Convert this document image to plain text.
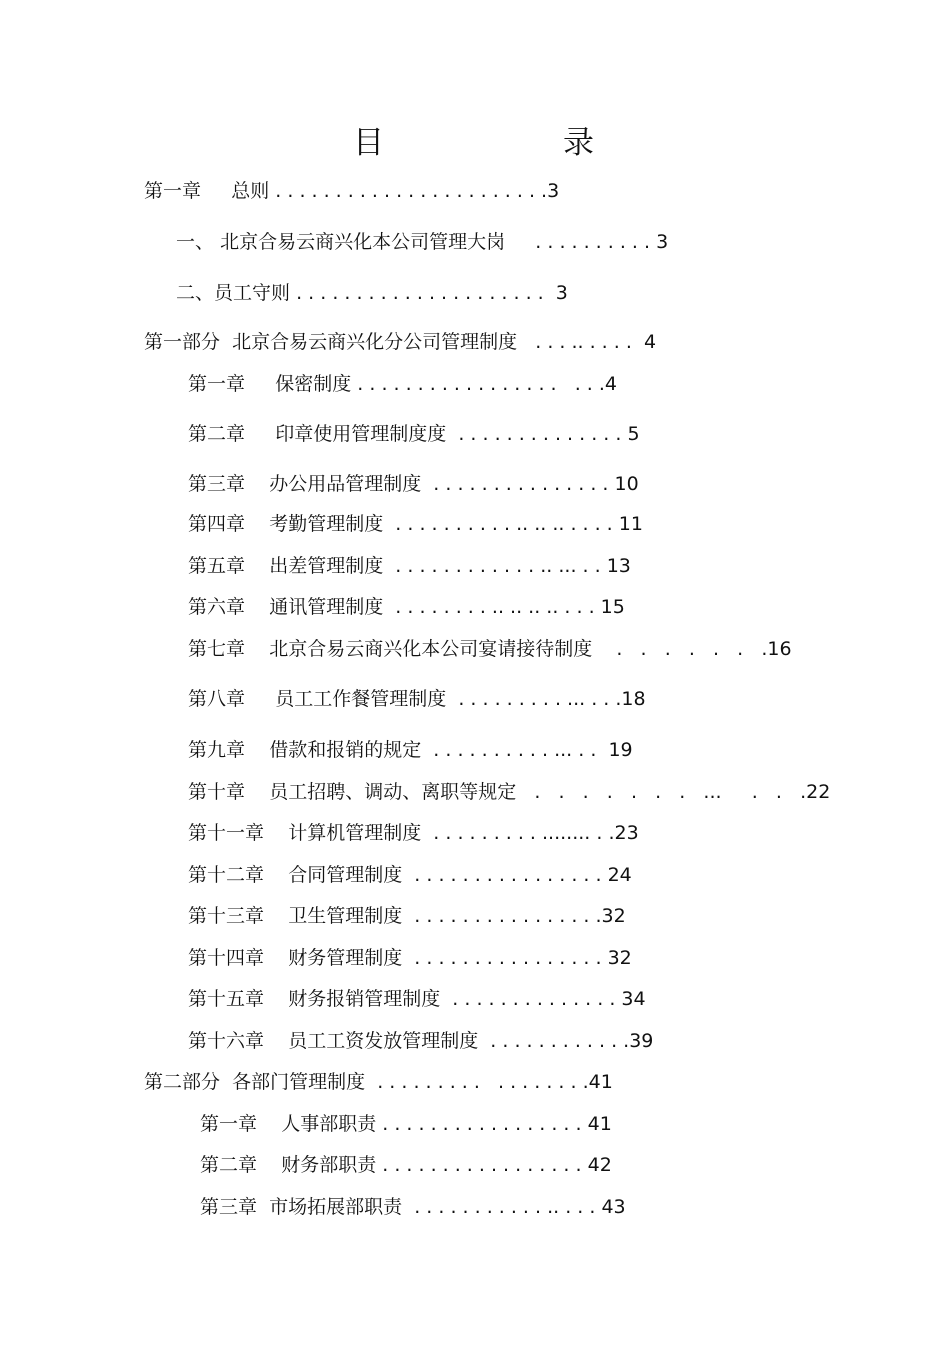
目	录
第一章 总则 . . . . . . . . . . . . . . . . . . . . . . .3
一、 北京合易云商兴化本公司管理大岗 . . . . . . . . . . 3
二、员工守则 . . . . . . . . . . . . . . . . . . . . . 3
第一部分 北京合易云商兴化分公司管理制度 . . . .. . . . . 4
第一章 保密制度 . . . . . . . . . . . . . . . . .   . . .4
第二章 印章使用管理制度度 . . . . . . . . . . . . . . 5
第三章 办公用品管理制度 . . . . . . . . . . . . . . . 10
第四章 考勤管理制度 . . . . . . . . . . .. .. .. . . . . 11
第五章 出差管理制度 . . . . . . . . . . . . .. ... . . 13
第六章 通讯管理制度 . . . . . . . . .. .. .. .. . . . 15
第七章 北京合易云商兴化本公司宴请接待制度 .   .   .   .   .   .   .16
第八章 员工工作餐管理制度 . . . . . . . . . ... . . .18
第九章 借款和报销的规定 . . . . . . . . . . ... . . 19
第十章 员工招聘、调动、离职等规定 .   .   .   .   .   .   .   ...     .   .   .22
第十一章 计算机管理制度 . . . . . . . . . ........ . .23
第十二章 合同管理制度 . . . . . . . . . . . . . . . . 24
第十三章 卫生管理制度 . . . . . . . . . . . . . . . .32
第十四章 财务管理制度 . . . . . . . . . . . . . . . . 32
第十五章 财务报销管理制度 . . . . . . . . . . . . . . 34
第十六章 员工工资发放管理制度 . . . . . . . . . . . .39
第二部分 各部门管理制度 . . . . . . . . .   . . . . . . . .41
第一章 人事部职责 . . . . . . . . . . . . . . . . . 41
第二章 财务部职责 . . . . . . . . . . . . . . . . . 42
第三章 市场拓展部职责 . . . . . . . . . . . .. . . . 43
